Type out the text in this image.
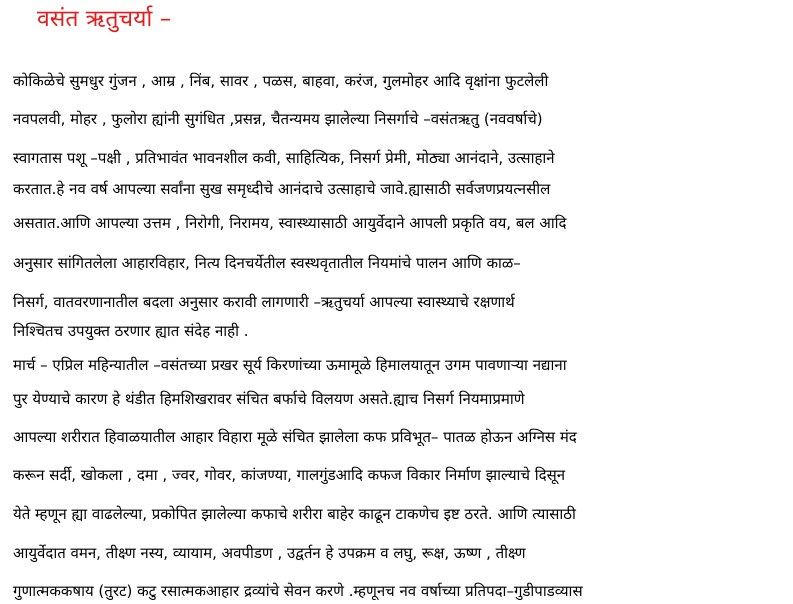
वसंत ऋतुचर्या –
कोकिळेचे सुमधुर गुंजन , आम्र , निंब, सावर , पळस, बाहवा, करंज, गुलमोहर आदि वृक्षांना फुटलेली
नवपलवी, मोहर , फुलोरा ह्यांनी सुगंधित ,प्रसन्न, चैतन्यमय झालेल्या निसर्गाचे –वसंतऋतु (नववर्षाचे)
स्वागतास पशू –पक्षी , प्रतिभावंत भावनशील कवी, साहित्यिक, निसर्ग प्रेमी, मोठ्या आनंदाने, उत्साहाने
करतात.हे नव वर्ष आपल्या सर्वांना सुख समृध्दीचे आनंदाचे उत्साहाचे जावे.ह्यासाठी सर्वजणप्रयत्नसील
असतात.आणि आपल्या उत्तम , निरोगी, निरामय, स्वास्थ्यासाठी आयुर्वेदाने आपली प्रकृति वय, बल आदि
अनुसार सांगितलेला आहारविहार, नित्य दिनचर्येतील स्वस्थवृतातील नियमांचे पालन आणि काळ–
निसर्ग, वातवरणानातील बदला अनुसार करावी लागणारी –ऋतुचर्या आपल्या स्वास्थ्याचे रक्षणार्थ
निश्चितच उपयुक्त ठरणार ह्यात संदेह नाही .
मार्च – एप्रिल महिन्यातील –वसंतच्या प्रखर सूर्य किरणांच्या ऊमामूळे हिमालयातून उगम पावणाऱ्या नद्याना
पुर येण्याचे कारण हे थंडीत हिमशिखरावर संचित बर्फाचे विलयण असते.ह्याच निसर्ग नियमाप्रमाणे
आपल्या शरीरात हिवाळयातील आहार विहारा मूळे संचित झालेला कफ प्रविभूत– पातळ होऊन अग्निस मंद
करून सर्दी, खोकला , दमा , ज्वर, गोवर, कांजण्या, गालगुंडआदि कफज विकार निर्माण झाल्याचे दिसून
येते म्हणून ह्या वाढलेल्या, प्रकोपित झालेल्या कफाचे शरीरा बाहेर काढून टाकणेच इष्ट ठरते. आणि त्यासाठी
आयुर्वेदात वमन, तीक्ष्ण नस्य, व्यायाम, अवपीडण , उद्वर्तन हे उपक्रम व लघु, रूक्ष, ऊष्ण , तीक्ष्ण
गुणात्मककषाय (तुरट) कटु रसात्मकआहार द्रव्यांचे सेवन करणे .म्हणूनच नव वर्षाच्या प्रतिपदा–गुडीपाडव्यास
